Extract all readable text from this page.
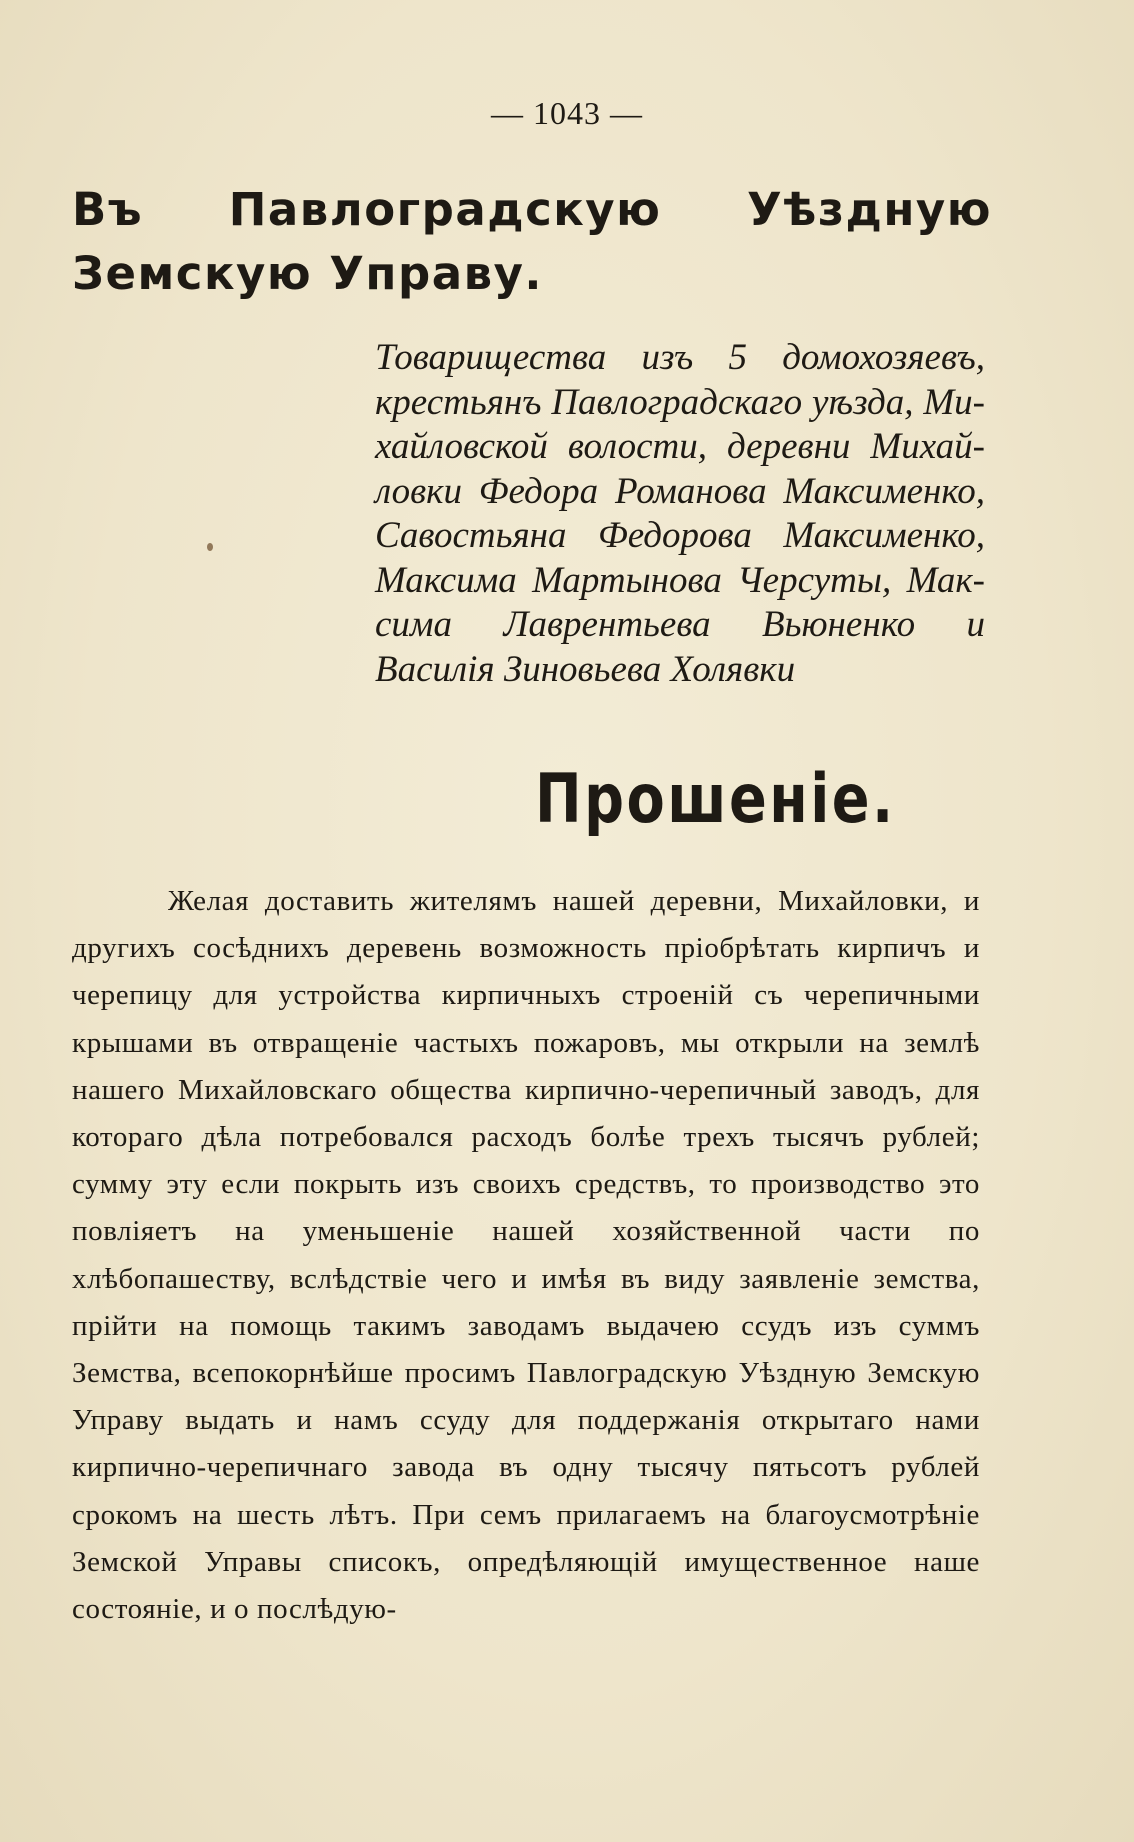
— 1043 —
Въ Павлоградскую Уѣздную
Земскую Управу.
Товарищества изъ 5 домохозяевъ, крестьянъ Павлоградскаго уѣзда, Михайловской волости, деревни Михайловки Федора Романова Максименко, Савостьяна Федорова Максименко, Максима Мартынова Черсуты, Максима Лаврентьева Вьюненко и Василія Зиновьева Холявки
Прошеніе.
Желая доставить жителямъ нашей деревни, Михайловки, и другихъ сосѣднихъ деревень возможность пріобрѣтать кирпичъ и черепицу для устройства кирпичныхъ строеній съ черепичными крышами въ отвращеніе частыхъ пожаровъ, мы открыли на землѣ нашего Михайловскаго общества кирпично-черепичный заводъ, для котораго дѣла потребовался расходъ болѣе трехъ тысячъ рублей; сумму эту если покрыть изъ своихъ средствъ, то производство это повліяетъ на уменьшеніе нашей хозяйственной части по хлѣбопашеству, вслѣдствіе чего и имѣя въ виду заявленіе земства, прійти на помощь такимъ заводамъ выдачею ссудъ изъ суммъ Земства, всепокорнѣйше просимъ Павлоградскую Уѣздную Земскую Управу выдать и намъ ссуду для поддержанія открытаго нами кирпично-черепичнаго завода въ одну тысячу пятьсотъ рублей срокомъ на шесть лѣтъ. При семъ прилагаемъ на благоусмотрѣніе Земской Управы списокъ, опредѣляющій имущественное наше состояніе, и о послѣдую-
